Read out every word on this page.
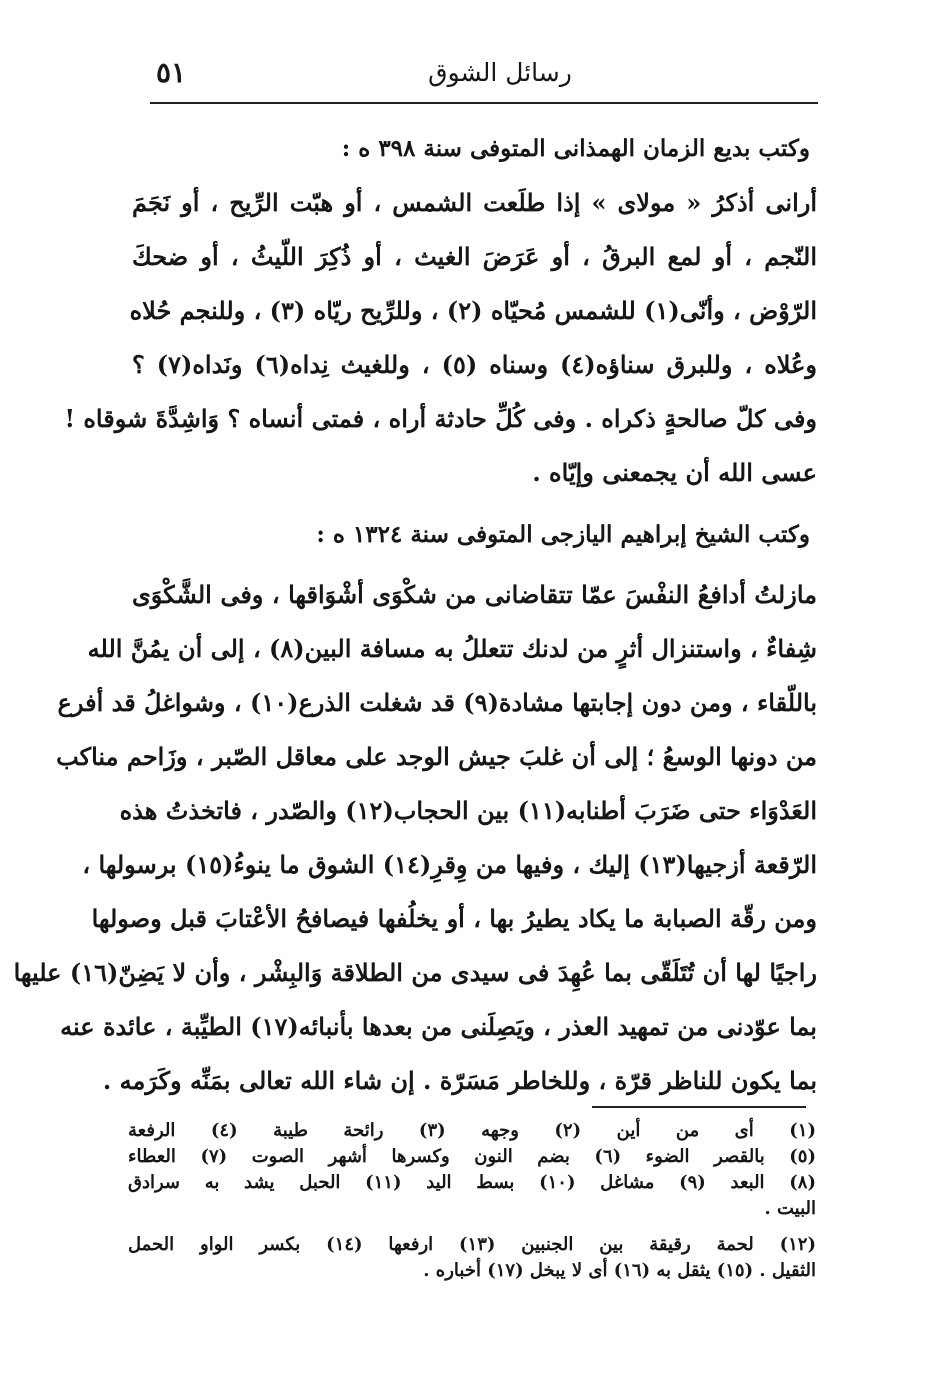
٥١	رسائل الشوق
وكتب بديع الزمان الهمذانى المتوفى سنة ٣٩٨ ه :
أرانى أذكرُ « مولاى » إذا طلَعت الشمس ، أو هبّت الرِّيح ، أو نَجَمَ
النّجم ، أو لمع البرقُ ، أو عَرَضَ الغيث ، أو ذُكِرَ اللّيثُ ، أو ضحكَ
الرّوْض ، وأنّى(١) للشمس مُحيّاه (٢) ، وللرِّيح ريّاه (٣) ، وللنجم حُلاه
وعُلاه ، وللبرق سناؤه(٤) وسناه (٥) ، وللغيث نِداه(٦) ونَداه(٧) ؟
وفى كلّ صالحةٍ ذكراه . وفى كُلِّ حادثة أراه ، فمتى أنساه ؟ وَاشِدَّةَ شوقاه !
عسى الله أن يجمعنى وإيّاه .
وكتب الشيخ إبراهيم اليازجى المتوفى سنة ١٣٢٤ ه :
مازلتُ أدافعُ النفْسَ عمّا تتقاضانى من شكْوَى أشْوَاقها ، وفى الشَّكْوَى
شِفاءٌ ، واستنزال أثرٍ من لدنك تتعللُ به مسافة البين(٨) ، إلى أن يمُنَّ الله
باللّقاء ، ومن دون إجابتها مشادة(٩) قد شغلت الذرع(١٠) ، وشواغلُ قد أفرع
من دونها الوسعُ ؛ إلى أن غلبَ جيش الوجد على معاقل الصّبر ، وزَاحم مناكب
العَدْوَاء حتى ضَرَبَ أطنابه(١١) بين الحجاب(١٢) والصّدر ، فاتخذتُ هذه
الرّقعة أزجيها(١٣) إليك ، وفيها من وِقرِ(١٤) الشوق ما ينوءُ(١٥) برسولها ،
ومن رقّة الصبابة ما يكاد يطيرُ بها ، أو يخلُفها فيصافحُ الأعْتابَ قبل وصولها
راجيًا لها أن تُتَلَقّى بما عُهِدَ فى سيدى من الطلاقة وَالبِشْر ، وأن لا يَضِنّ(١٦) عليها
بما عوّدنى من تمهيد العذر ، ويَصِلَنى من بعدها بأنبائه(١٧) الطيِّبة ، عائدة عنه
بما يكون للناظر قرّة ، وللخاطر مَسَرّة . إن شاء الله تعالى بمَنِّه وكَرَمه .
(١) أى من أين (٢) وجهه (٣) رائحة طيبة (٤) الرفعة
(٥) بالقصر الضوء (٦) بضم النون وكسرها أشهر الصوت (٧) العطاء
(٨) البعد (٩) مشاغل (١٠) بسط اليد (١١) الحبل يشد به سرادق
البيت .
(١٢) لحمة رقيقة بين الجنبين (١٣) ارفعها (١٤) بكسر الواو الحمل
الثقيل . (١٥) يثقل به (١٦) أى لا يبخل (١٧) أخباره .
